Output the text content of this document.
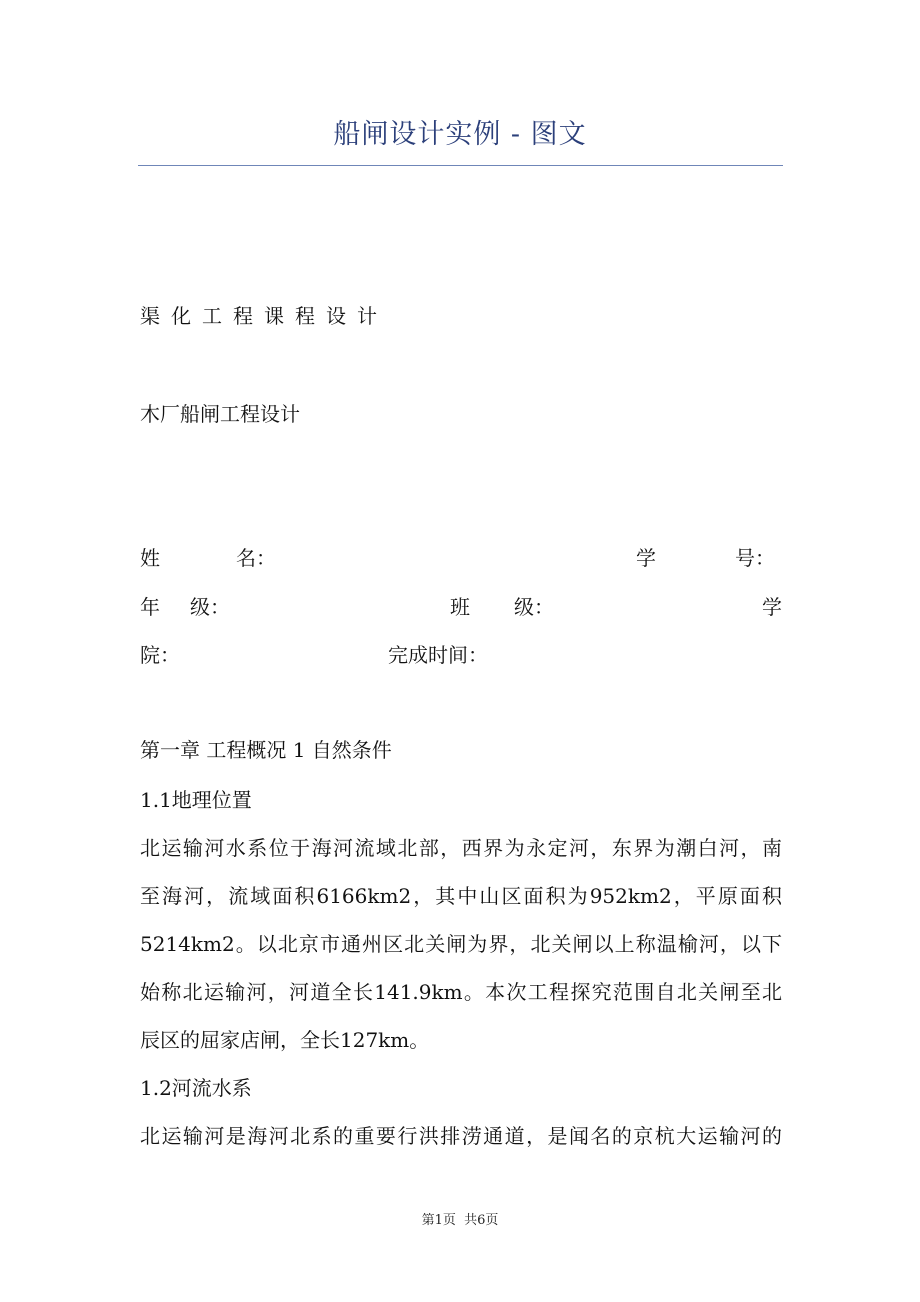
船闸设计实例 - 图文
渠化工程课程设计
木厂船闸工程设计
姓	名：	学	号：
年 级：	班 级：	学
院：	完成时间：
第一章 工程概况 1 自然条件
1.1地理位置
北运输河水系位于海河流域北部，西界为永定河，东界为潮白河，南
至海河，流域面积6166km2，其中山区面积为952km2，平原面积
5214km2。以北京市通州区北关闸为界，北关闸以上称温榆河，以下
始称北运输河，河道全长141.9km。本次工程探究范围自北关闸至北
辰区的屈家店闸，全长127km。
1.2河流水系
北运输河是海河北系的重要行洪排涝通道，是闻名的京杭大运输河的
第1页 共6页
